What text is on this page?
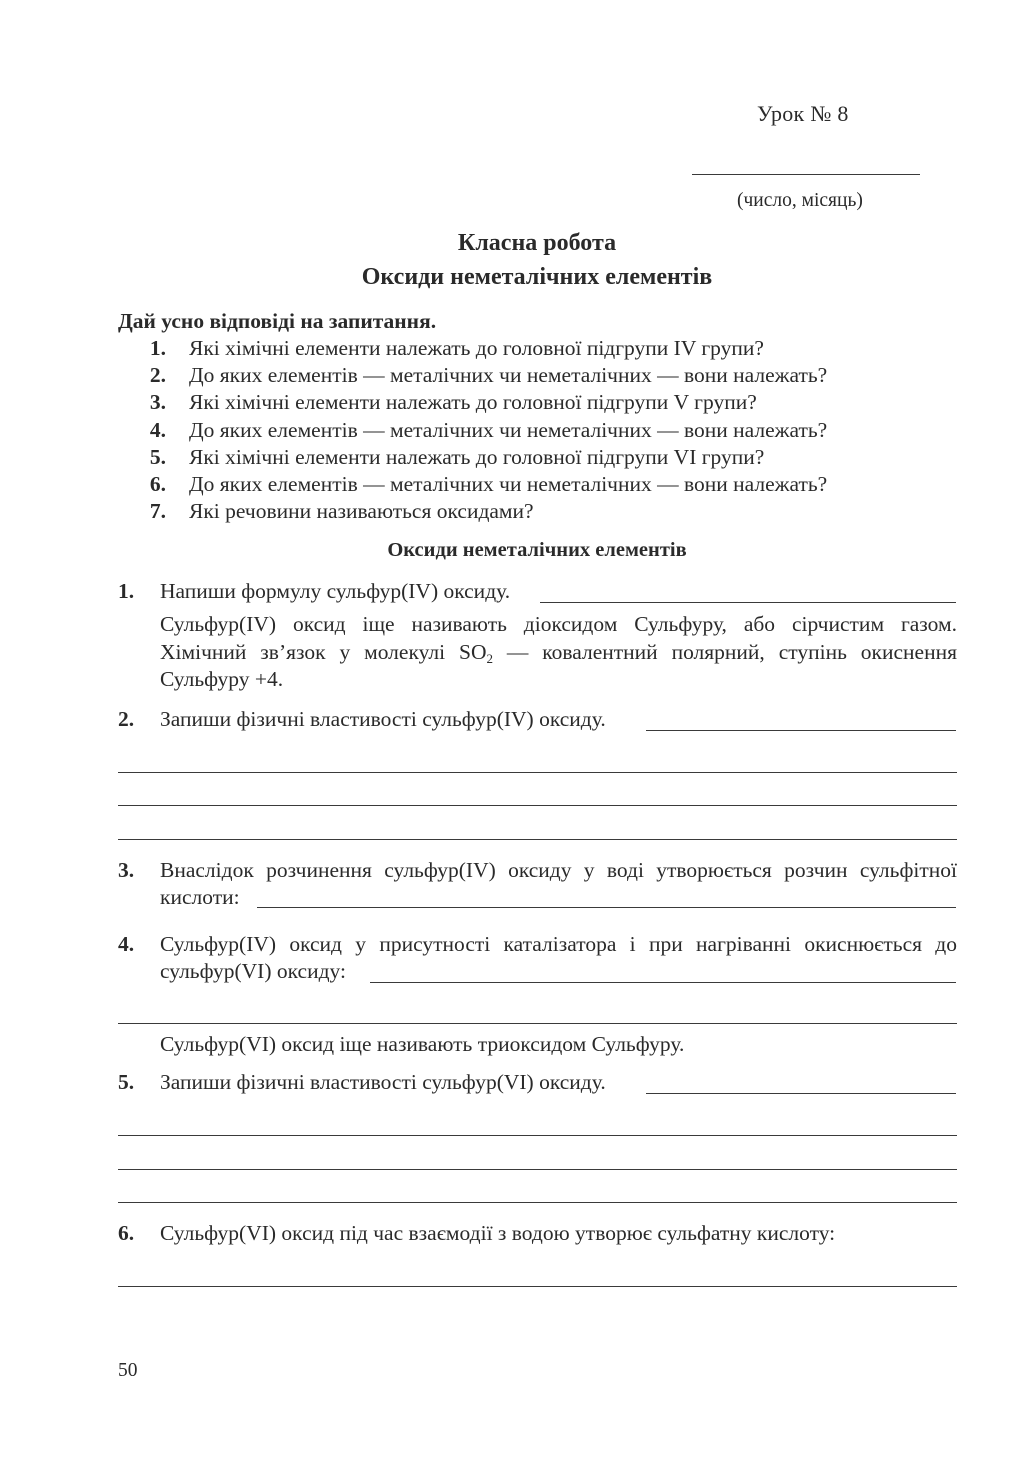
Урок № 8
(число, місяць)
Класна робота
Оксиди неметалічних елементів
Дай усно відповіді на запитання.
1. Які хімічні елементи належать до головної підгрупи IV групи?
2. До яких елементів — металічних чи неметалічних — вони належать?
3. Які хімічні елементи належать до головної підгрупи V групи?
4. До яких елементів — металічних чи неметалічних — вони належать?
5. Які хімічні елементи належать до головної підгрупи VI групи?
6. До яких елементів — металічних чи неметалічних — вони належать?
7. Які речовини називаються оксидами?
Оксиди неметалічних елементів
1. Напиши формулу сульфур(IV) оксиду.
Сульфур(IV) оксид іще називають діоксидом Сульфуру, або сірчистим газом.
Хімічний зв’язок у молекулі $SO_2$ — ковалентний полярний, ступінь окиснення
Сульфуру +4.
2. Запиши фізичні властивості сульфур(IV) оксиду.
3. Внаслідок розчинення сульфур(IV) оксиду у воді утворюється розчин сульфітної
кислоти:
4. Сульфур(IV) оксид у присутності каталізатора і при нагріванні окиснюється до
сульфур(VI) оксиду:
Сульфур(VI) оксид іще називають триоксидом Сульфуру.
5. Запиши фізичні властивості сульфур(VI) оксиду.
6. Сульфур(VI) оксид під час взаємодії з водою утворює сульфатну кислоту:
50
